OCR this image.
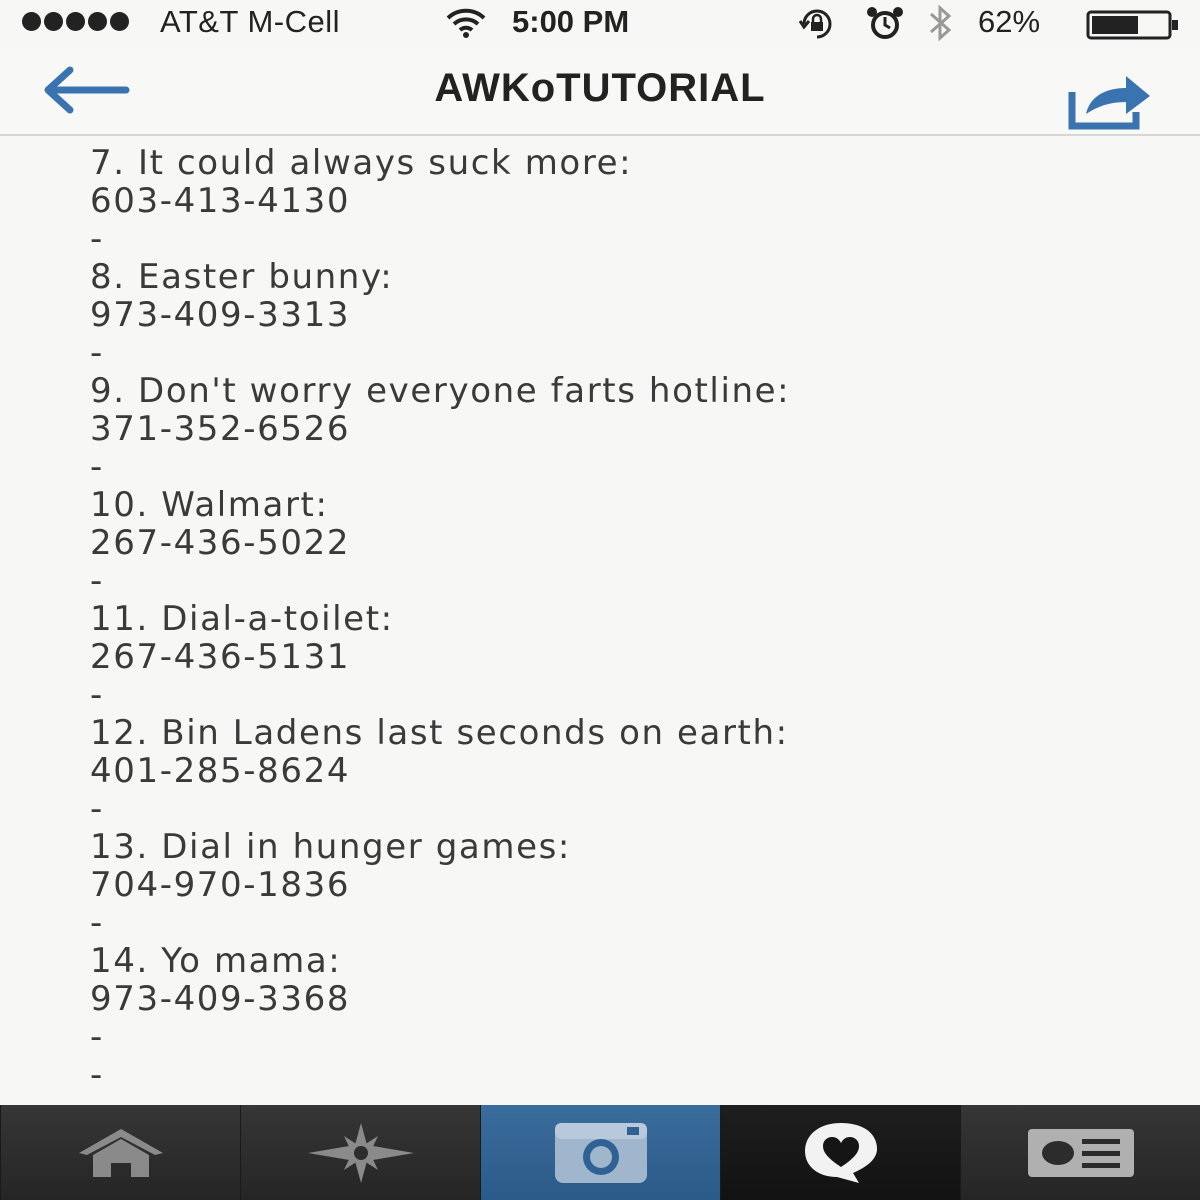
AT&T M-Cell	5:00 PM	62%
AWKoTUTORIAL

7. It could always suck more:

603-413-4130

-

8. Easter bunny:

973-409-3313

-

9. Don't worry everyone farts hotline:

371-352-6526

-

10. Walmart:

267-436-5022

-

11. Dial-a-toilet:

267-436-5131

-

12. Bin Ladens last seconds on earth:

401-285-8624

-

13. Dial in hunger games:

704-970-1836

-

14. Yo mama:

973-409-3368

-

-
